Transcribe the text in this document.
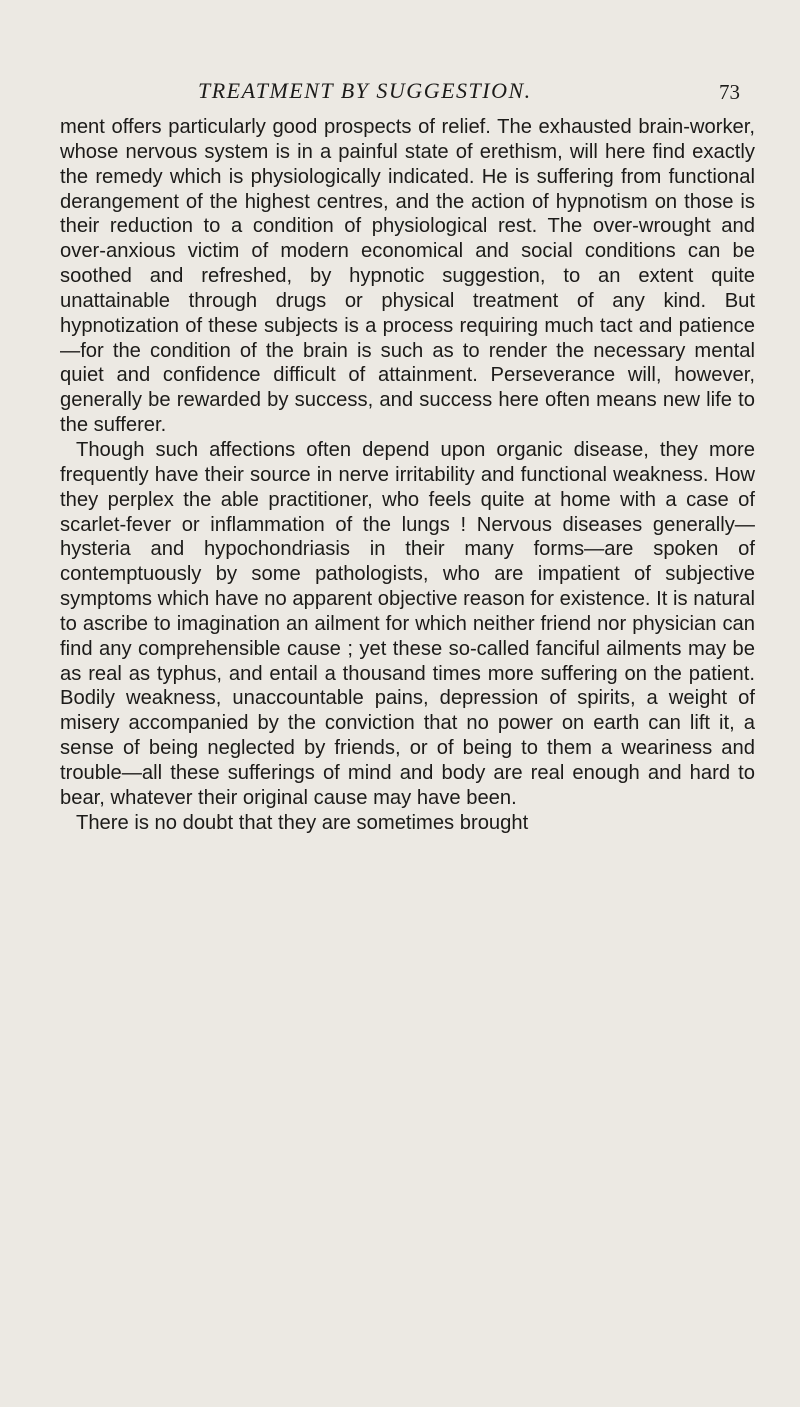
TREATMENT BY SUGGESTION.	73

ment offers particularly good prospects of relief. The exhausted brain-worker, whose nervous system is in a painful state of erethism, will here find exactly the remedy which is physiologically indicated. He is suffering from functional derangement of the highest centres, and the action of hypnotism on those is their reduction to a condition of physiological rest. The over-wrought and over-anxious victim of modern economical and social conditions can be soothed and refreshed, by hypnotic suggestion, to an extent quite unattainable through drugs or physical treatment of any kind. But hypnotization of these subjects is a process requiring much tact and patience—for the condition of the brain is such as to render the necessary mental quiet and confidence difficult of attainment. Perseverance will, however, generally be rewarded by success, and success here often means new life to the sufferer.

Though such affections often depend upon organic disease, they more frequently have their source in nerve irritability and functional weakness. How they perplex the able practitioner, who feels quite at home with a case of scarlet-fever or inflammation of the lungs ! Nervous diseases generally—hysteria and hypochondriasis in their many forms—are spoken of contemptuously by some pathologists, who are impatient of subjective symptoms which have no apparent objective reason for existence. It is natural to ascribe to imagination an ailment for which neither friend nor physician can find any comprehensible cause ; yet these so-called fanciful ailments may be as real as typhus, and entail a thousand times more suffering on the patient. Bodily weakness, unaccountable pains, depression of spirits, a weight of misery accompanied by the conviction that no power on earth can lift it, a sense of being neglected by friends, or of being to them a weariness and trouble—all these sufferings of mind and body are real enough and hard to bear, whatever their original cause may have been.

There is no doubt that they are sometimes brought
